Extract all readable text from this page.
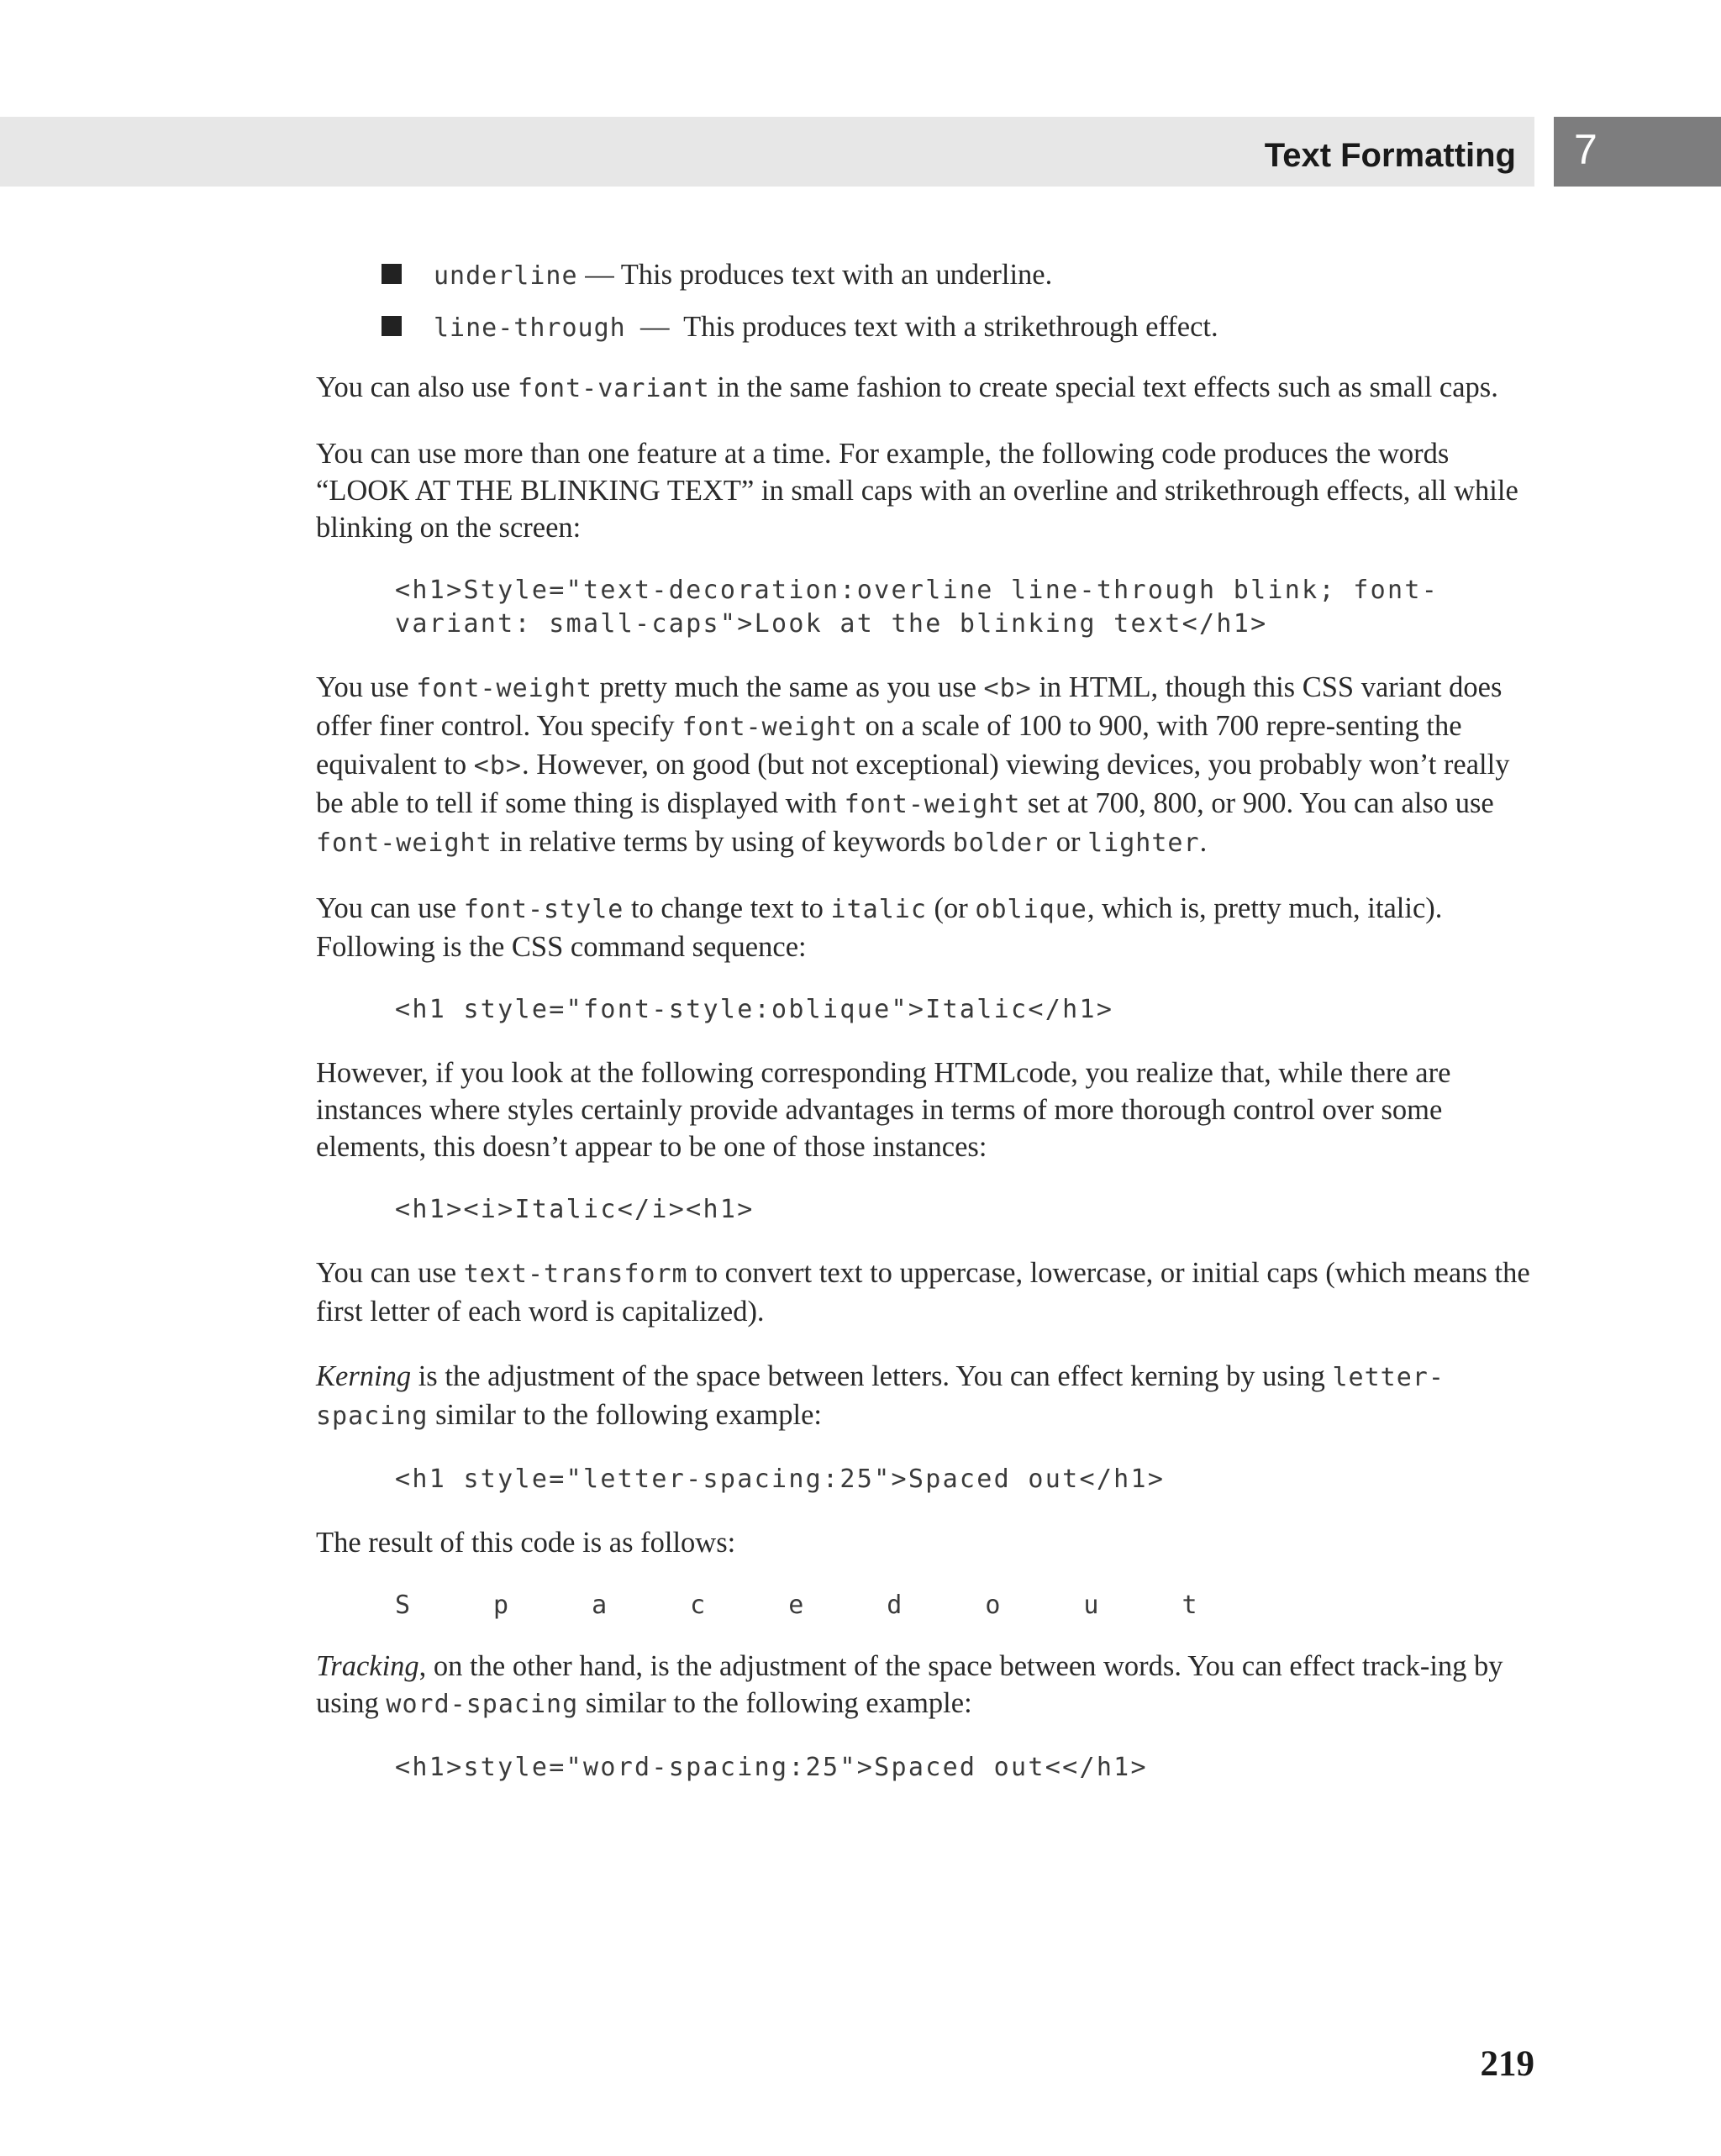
Text Formatting 7
underline — This produces text with an underline.
line-through  —  This produces text with a strikethrough effect.

You can also use font-variant in the same fashion to create special text effects such as small caps.

You can use more than one feature at a time. For example, the following code produces the words “LOOK AT THE BLINKING TEXT” in small caps with an overline and strikethrough effects, all while blinking on the screen:

<h1>Style="text-decoration:overline line-through blink; font-variant: small-caps">Look at the blinking text</h1>

You use font-weight pretty much the same as you use <b> in HTML, though this CSS variant does offer finer control. You specify font-weight on a scale of 100 to 900, with 700 repre-senting the equivalent to <b>. However, on good (but not exceptional) viewing devices, you probably won’t really be able to tell if some thing is displayed with font-weight set at 700, 800, or 900. You can also use font-weight in relative terms by using of keywords bolder or lighter.

You can use font-style to change text to italic (or oblique, which is, pretty much, italic). Following is the CSS command sequence:

<h1 style="font-style:oblique">Italic</h1>

However, if you look at the following corresponding HTMLcode, you realize that, while there are instances where styles certainly provide advantages in terms of more thorough control over some elements, this doesn’t appear to be one of those instances:

<h1><i>Italic</i><h1>

You can use text-transform to convert text to uppercase, lowercase, or initial caps (which means the first letter of each word is capitalized).

Kerning is the adjustment of the space between letters. You can effect kerning by using letter-spacing similar to the following example:

<h1 style="letter-spacing:25">Spaced out</h1>

The result of this code is as follows:

Spacedout

Tracking, on the other hand, is the adjustment of the space between words. You can effect track-ing by using word-spacing similar to the following example:

<h1>style="word-spacing:25">Spaced out<</h1>
219
